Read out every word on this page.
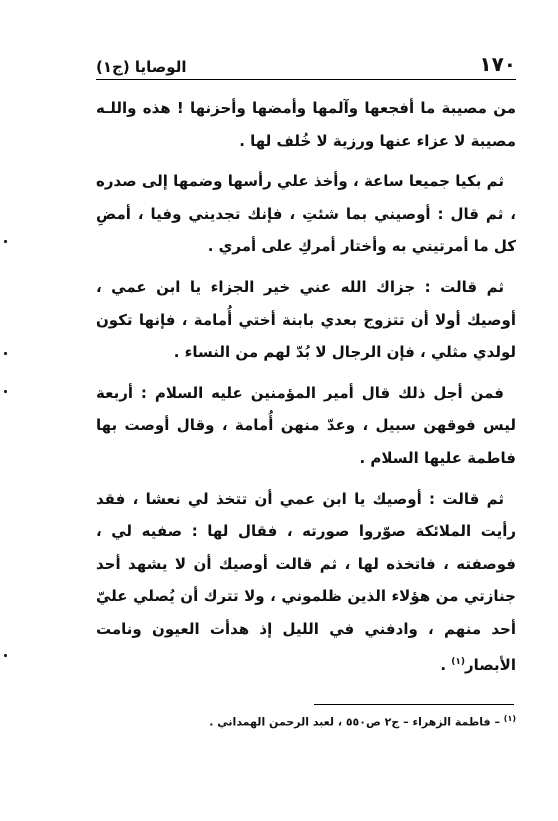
الوصايا (ج١)	١٧٠

من مصيبة ما أفجعها وآلمها وأمضها وأحزنها ! هذه واللـه مصيبة لا عزاء عنها ورزية لا خُلف لها .

ثم بكيا جميعا ساعة ، وأخذ علي رأسها وضمها إلى صدره ، ثم قال : أوصيني بما شئتِ ، فإنك تجديني وفيا ، أمضِ كل ما أمرتيني به وأختار أمركِ على أمري .

ثم قالت : جزاك الله عني خير الجزاء يا ابن عمي ، أوصيك أولا أن تتزوج بعدي بابنة أختي أُمامة ، فإنها تكون لولدي مثلي ، فإن الرجال لا بُدّ لهم من النساء .

فمن أجل ذلك قال أمير المؤمنين عليه السلام : أربعة ليس فوقهن سبيل ، وعدّ منهن أُمامة ، وقال أوصت بها فاطمة عليها السلام .

ثم قالت : أوصيك يا ابن عمي أن تتخذ لي نعشا ، فقد رأيت الملائكة صوّروا صورته ، فقال لها : صفيه لي ، فوصفته ، فاتخذه لها ، ثم قالت أوصيك أن لا يشهد أحد جنازتي من هؤلاء الذين ظلموني ، ولا تترك أن يُصلي عليّ أحد منهم ، وادفني في الليل إذ هدأت العيون ونامت الأبصار$^{(١)}$ .

$^{(١)}$ – فاطمة الزهراء – ج٢ ص٥٥٠ ، لعبد الرحمن الهمداني .
